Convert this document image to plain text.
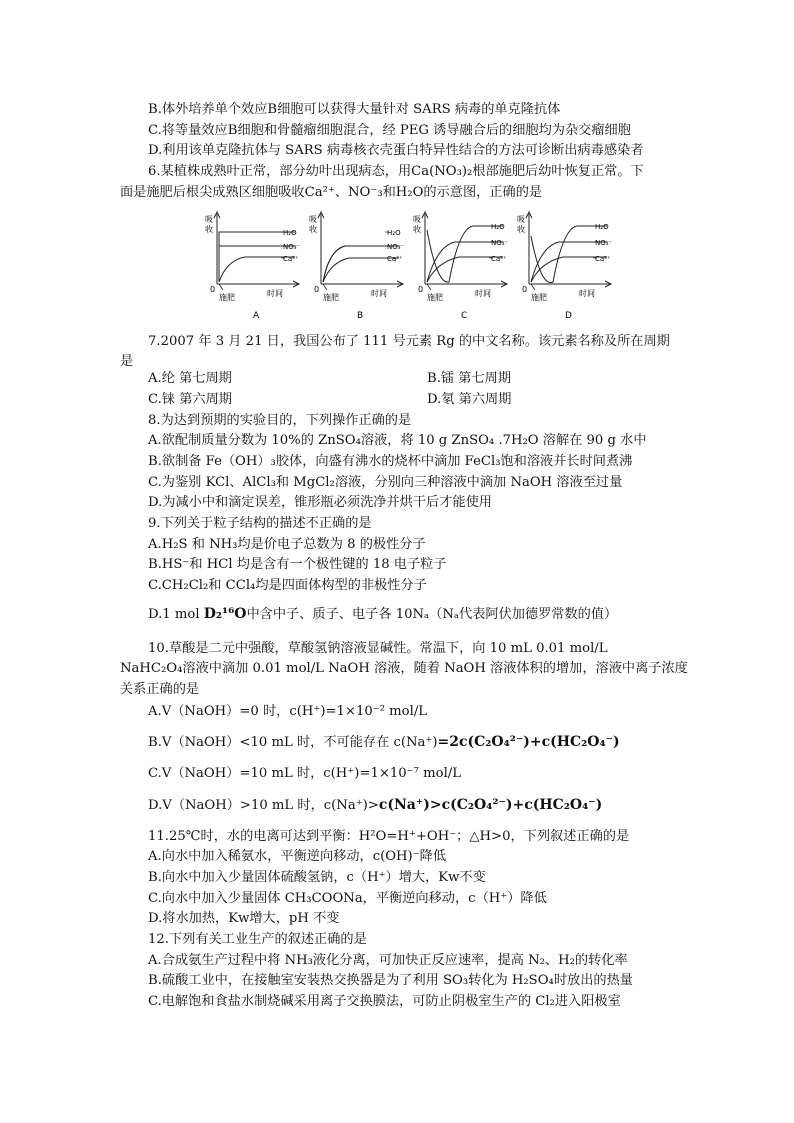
B.体外培养单个效应B细胞可以获得大量针对 SARS 病毒的单克隆抗体
C.将等量效应B细胞和骨髓瘤细胞混合，经 PEG 诱导融合后的细胞均为杂交瘤细胞
D.利用该单克隆抗体与 SARS 病毒核衣壳蛋白特异性结合的方法可诊断出病毒感染者
6.某植株成熟叶正常，部分幼叶出现病态，用Ca(NO₃)₂根部施肥后幼叶恢复正常。下
面是施肥后根尖成熟区细胞吸收Ca²⁺、NO⁻₃和H₂O的示意图，正确的是
吸
收
0
施肥	时间
A
吸
收
0
施肥	时间
B
吸
收
0
施肥	时间
C
吸
收
0
施肥	时间
D
H₂O
NO₃⁻
Ca²⁺
H₂O
NO₃⁻
Ca²⁺
H₂O
NO₃⁻
Ca²⁺
H₂O
NO₃⁻
Ca²⁺
7.2007 年 3 月 21 日，我国公布了 111 号元素 Rg 的中文名称。该元素名称及所在周期
是
A.纶 第七周期	B.镭 第七周期
C.铼 第六周期	D.氡 第六周期
8.为达到预期的实验目的，下列操作正确的是
A.欲配制质量分数为 10%的 ZnSO₄溶液，将 10 g ZnSO₄ .7H₂O 溶解在 90 g 水中
B.欲制备 Fe（OH）₃胶体，向盛有沸水的烧杯中滴加 FeCl₃饱和溶液并长时间煮沸
C.为鉴别 KCl、AlCl₃和 MgCl₂溶液，分别向三种溶液中滴加 NaOH 溶液至过量
D.为减小中和滴定误差，锥形瓶必须洗净并烘干后才能使用
9.下列关于粒子结构的描述不正确的是
A.H₂S 和 NH₃均是价电子总数为 8 的极性分子
B.HS⁻和 HCl 均是含有一个极性键的 18 电子粒子
C.CH₂Cl₂和 CCl₄均是四面体构型的非极性分子
D.1 mol D₂¹⁶O中含中子、质子、电子各 10Nₐ（Nₐ代表阿伏加德罗常数的值）
10.草酸是二元中强酸，草酸氢钠溶液显碱性。常温下，向 10 mL 0.01 mol/L
NaHC₂O₄溶液中滴加 0.01 mol/L NaOH 溶液，随着 NaOH 溶液体积的增加，溶液中离子浓度
关系正确的是
A.V（NaOH）=0 时，c(H⁺)=1×10⁻² mol/L
B.V（NaOH）<10 mL 时，不可能存在 c(Na⁺)=2c(C₂O₄²⁻)+c(HC₂O₄⁻)
C.V（NaOH）=10 mL 时，c(H⁺)=1×10⁻⁷ mol/L
D.V（NaOH）>10 mL 时，c(Na⁺)>c(Na⁺)>c(C₂O₄²⁻)+c(HC₂O₄⁻)
11.25℃时，水的电离可达到平衡：H²O=H⁺+OH⁻；△H>0，下列叙述正确的是
A.向水中加入稀氨水，平衡逆向移动，c(OH)⁻降低
B.向水中加入少量固体硫酸氢钠，c（H⁺）增大，Kw不变
C.向水中加入少量固体 CH₃COONa，平衡逆向移动，c（H⁺）降低
D.将水加热，Kw增大，pH 不变
12.下列有关工业生产的叙述正确的是
A.合成氨生产过程中将 NH₃液化分离，可加快正反应速率，提高 N₂、H₂的转化率
B.硫酸工业中，在接触室安装热交换器是为了利用 SO₃转化为 H₂SO₄时放出的热量
C.电解饱和食盐水制烧碱采用离子交换膜法，可防止阴极室生产的 Cl₂进入阳极室
